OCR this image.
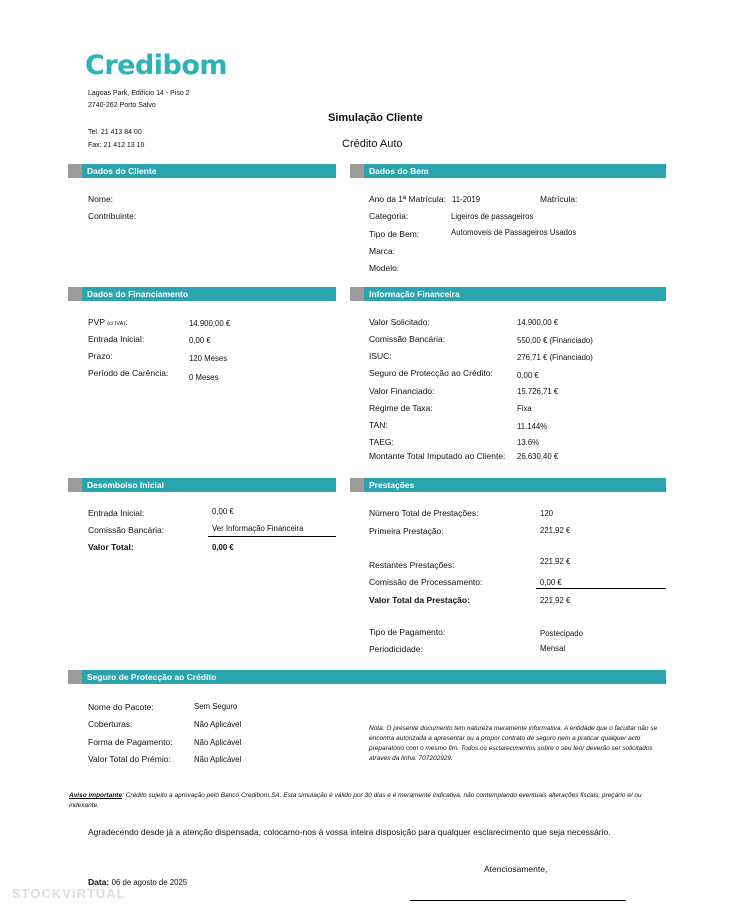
Credibom
Lagoas Park, Edifício 14 - Piso 2
2740-262 Porto Salvo
Tel. 21 413 84 00
Fax: 21 412 13 10
Simulação Cliente
Crédito Auto
Dados do Cliente
Nome:
Contribuinte:
Dados do Bem
Ano da 1ª Matrícula: 11-2019	Matrícula:
Categoria:	Ligeiros de passageiros
Tipo de Bem:	Automoveis de Passageiros Usados
Marca:
Modelo:
Dados do Financiamento
PVP (c/ IVA):	14.900,00 €
Entrada Inicial:	0,00 €
Prazo:	120 Meses
Período de Carência:	0 Meses
Informação Financeira
Valor Solicitado:	14.900,00 €
Comissão Bancária:	550,00 € (Financiado)
ISUC:	276,71 € (Financiado)
Seguro de Protecção ao Crédito:	0,00 €
Valor Financiado:	15.726,71 €
Regime de Taxa:	Fixa
TAN:	11.144%
TAEG:	13.6%
Montante Total Imputado ao Cliente: 26.630,40 €
Desembolso Inicial
Entrada Inicial:	0,00 €
Comissão Bancária:	Ver Informação Financeira
Valor Total:	0,00 €
Prestações
Número Total de Prestações:	120
Primeira Prestação:	221,92 €
Restantes Prestações:	221,92 €
Comissão de Processamento:	0,00 €
Valor Total da Prestação:	221,92 €
Tipo de Pagamento:	Postecipado
Periodicidade:	Mensal
Seguro de Protecção ao Crédito
Nome do Pacote:	Sem Seguro
Coberturas:	Não Aplicável
Forma de Pagamento:	Não Aplicável
Valor Total do Prémio:	Não Aplicável
Nota: O presente documento tem natureza meramente informativa. A entidade que o facultar não se encontra autorizada a apresentar ou a propor contrato de seguro nem a praticar qualquer acto preparatório com o mesmo fim. Todos os esclarecimentos sobre o seu teor deverão ser solicitados através da linha: 707202929.
Aviso importante: Crédito sujeito a aprovação pelo Banco Credibom,SA. Esta simulação é válido por 30 dias e é meramente indicativa, não contemplando eventuais alterações fiscais, preçário e/ ou indexante.
Agradecendo desde já a atenção dispensada, colocamo-nos à vossa inteira disposição para qualquer esclarecimento que seja necessário.
Atenciosamente,
Data: 06 de agosto de 2025
STOCKVIRTUAL
